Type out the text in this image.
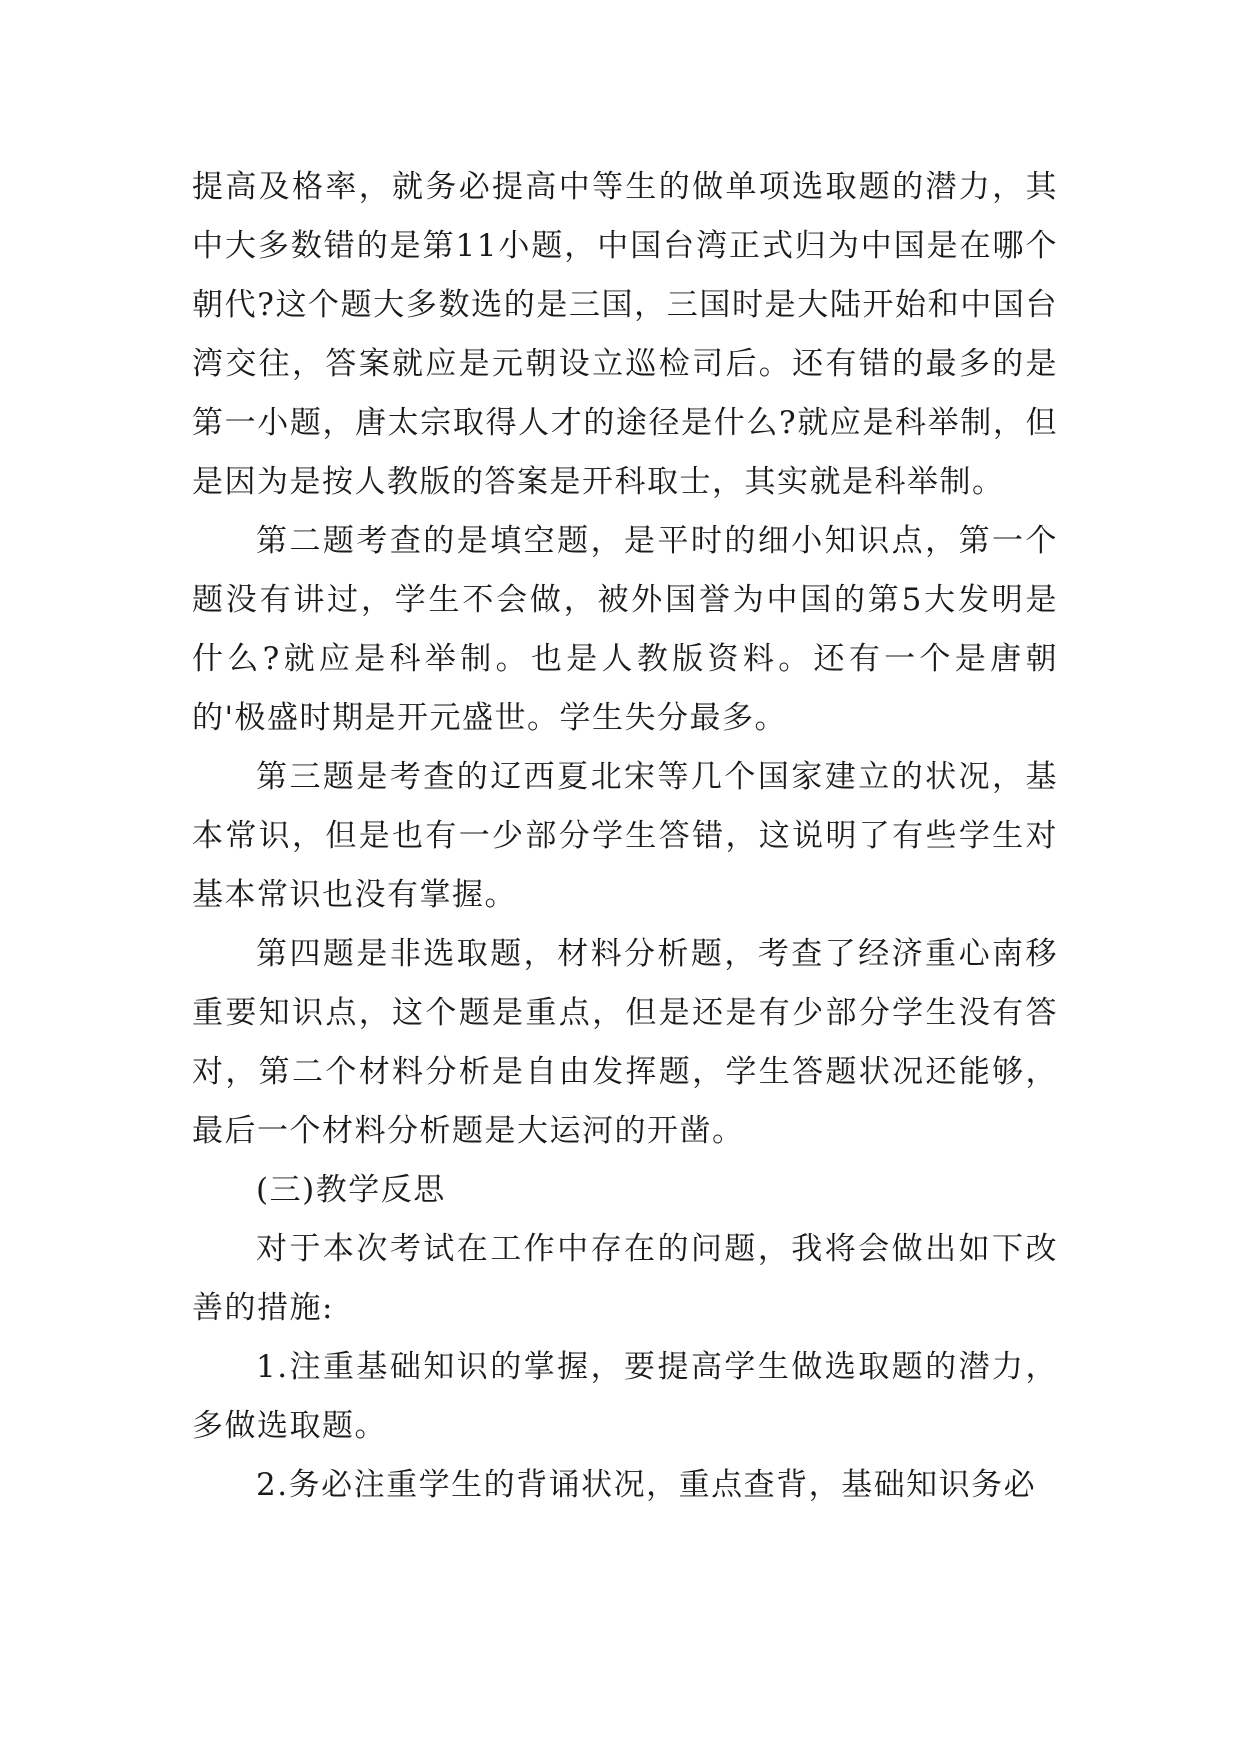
提高及格率，就务必提高中等生的做单项选取题的潜力，其中大多数错的是第11小题，中国台湾正式归为中国是在哪个朝代?这个题大多数选的是三国，三国时是大陆开始和中国台湾交往，答案就应是元朝设立巡检司后。还有错的最多的是第一小题，唐太宗取得人才的途径是什么?就应是科举制，但是因为是按人教版的答案是开科取士，其实就是科举制。

第二题考查的是填空题，是平时的细小知识点，第一个题没有讲过，学生不会做，被外国誉为中国的第5大发明是什么?就应是科举制。也是人教版资料。还有一个是唐朝的'极盛时期是开元盛世。学生失分最多。

第三题是考查的辽西夏北宋等几个国家建立的状况，基本常识，但是也有一少部分学生答错，这说明了有些学生对基本常识也没有掌握。

第四题是非选取题，材料分析题，考查了经济重心南移重要知识点，这个题是重点，但是还是有少部分学生没有答对，第二个材料分析是自由发挥题，学生答题状况还能够，最后一个材料分析题是大运河的开凿。

(三)教学反思

对于本次考试在工作中存在的问题，我将会做出如下改善的措施:

1.注重基础知识的掌握，要提高学生做选取题的潜力，多做选取题。

2.务必注重学生的背诵状况，重点查背，基础知识务必
